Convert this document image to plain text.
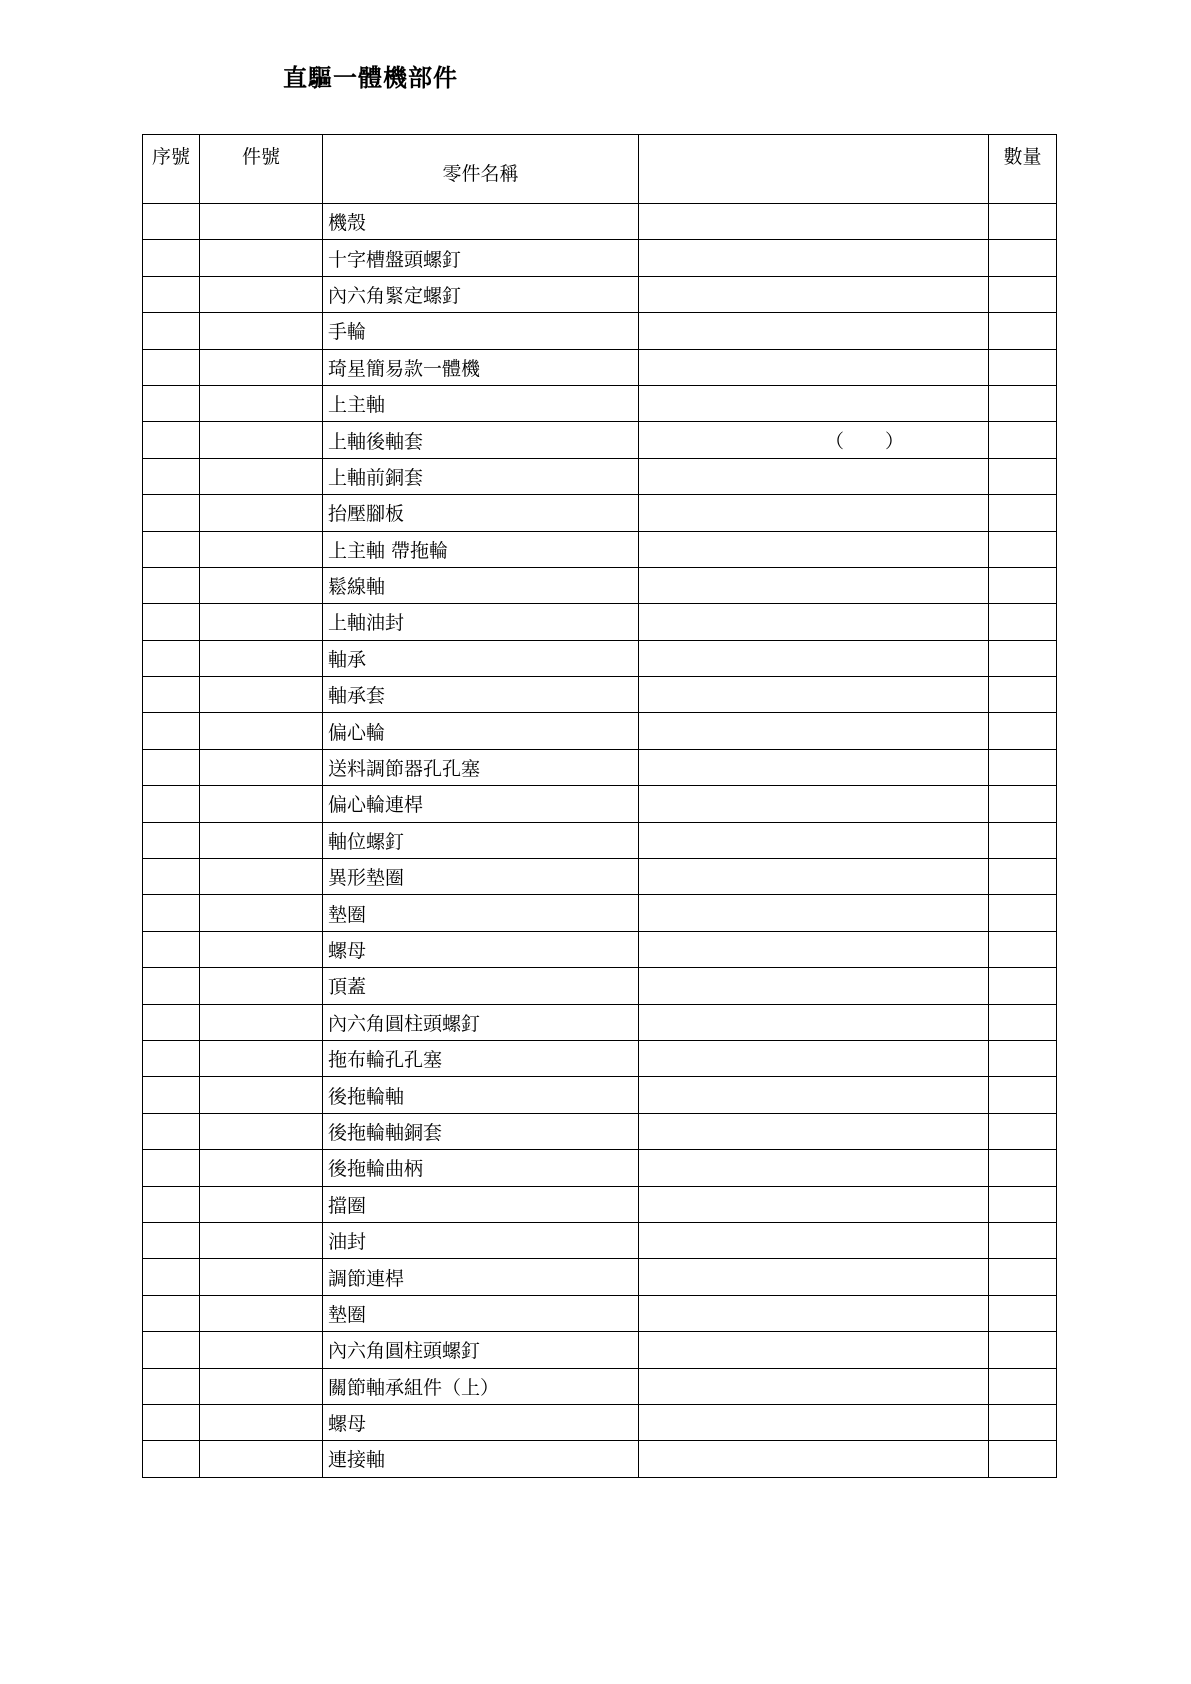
直驅一體機部件
序號	件號	零件名稱		數量
		機殼		
		十字槽盤頭螺釘		
		內六角緊定螺釘		
		手輪		
		琦星簡易款一體機		
		上主軸		
		上軸後軸套	（ ）	

		上軸前銅套		
		抬壓腳板		
		上主軸 帶拖輪		
		鬆線軸		
		上軸油封		
		軸承		
		軸承套		
		偏心輪		
		送料調節器孔孔塞		
		偏心輪連桿		
		軸位螺釘		
		異形墊圈		
		墊圈		
		螺母		
		頂蓋		
		內六角圓柱頭螺釘		
		拖布輪孔孔塞		
		後拖輪軸		
		後拖輪軸銅套		
		後拖輪曲柄		
		擋圈		
		油封		
		調節連桿		
		墊圈		
		內六角圓柱頭螺釘		
		關節軸承組件（上）		
		螺母		
		連接軸		
